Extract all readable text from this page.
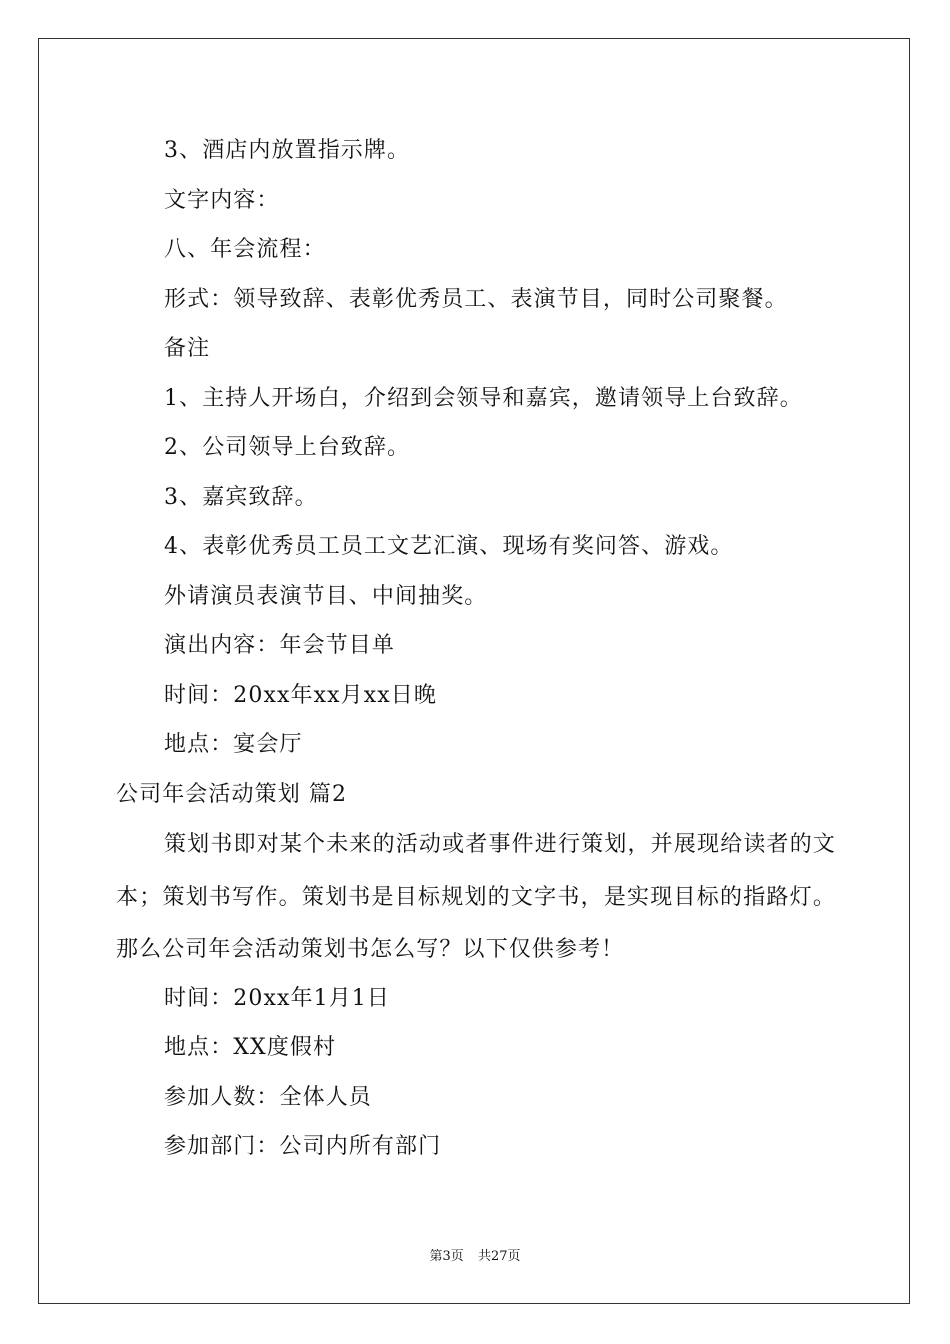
3、酒店内放置指示牌。
文字内容：
八、年会流程：
形式：领导致辞、表彰优秀员工、表演节目，同时公司聚餐。
备注
1、主持人开场白，介绍到会领导和嘉宾，邀请领导上台致辞。
2、公司领导上台致辞。
3、嘉宾致辞。
4、表彰优秀员工员工文艺汇演、现场有奖问答、游戏。
外请演员表演节目、中间抽奖。
演出内容：年会节目单
时间：20xx年xx月xx日晚
地点：宴会厅
公司年会活动策划 篇2

策划书即对某个未来的活动或者事件进行策划，并展现给读者的文本；策划书写作。策划书是目标规划的文字书，是实现目标的指路灯。那么公司年会活动策划书怎么写？以下仅供参考！

时间：20xx年1月1日
地点：XX度假村
参加人数：全体人员
参加部门：公司内所有部门
第3页 共27页
